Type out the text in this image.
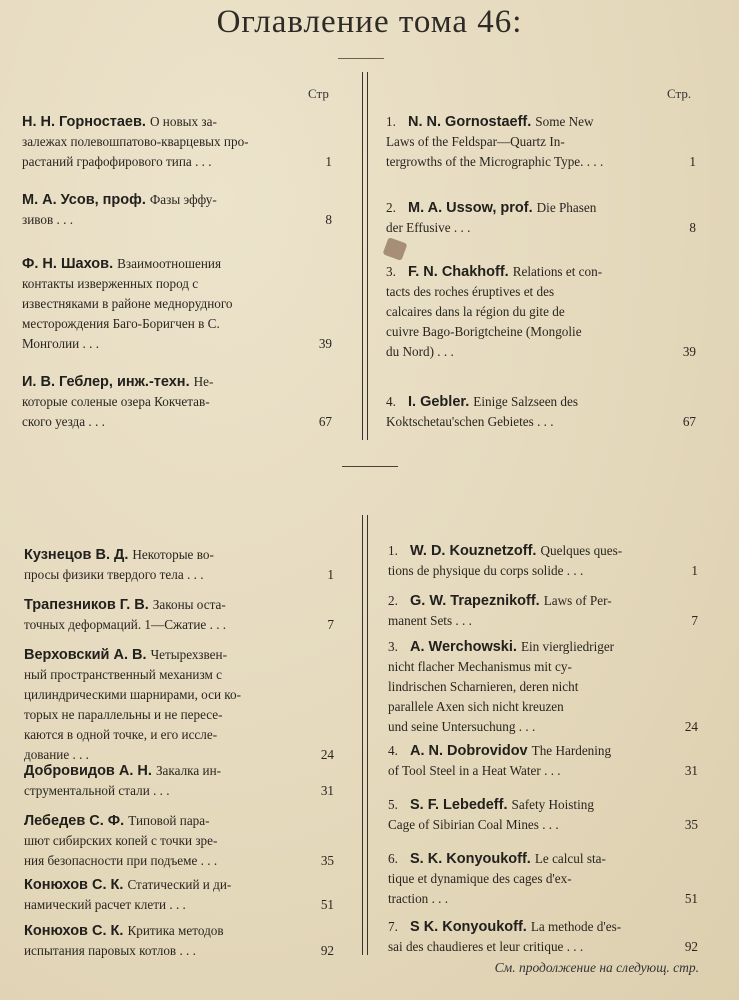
Оглавление тома 46:
Стр	Стр.
Н. Н. Горностаев. О новых за-
залежах полевошпатово-кварцевых про-
растаний графофирового типа . . .	1
М. А. Усов, проф. Фазы эффу-
зивов . . .	8
Ф. Н. Шахов. Взаимоотношения
контакты изверженных пород с
известняками в районе меднорудного
месторождения Баго-Боригчен в С.
Монголии . . .	39
И. В. Геблер, инж.-техн. Не-
которые соленые озера Кокчетав-
ского уезда . . .	67
1. N. N. Gornostaeff. Some New
Laws of the Feldspar—Quartz In-
tergrowths of the Micrographic Type. . . .	1
2. M. A. Ussow, prof. Die Phasen
der Effusive . . .	8
3. F. N. Chakhoff. Relations et con-
tacts des roches éruptives et des
calcaires dans la région du gite de
cuivre Bago-Borigtcheine (Mongolie
du Nord) . . .	39
4. I. Gebler. Einige Salzseen des
Koktschetau'schen Gebietes . . .	67
Кузнецов В. Д. Некоторые во-
просы физики твердого тела . . .	1
Трапезников Г. В. Законы оста-
точных деформаций. 1—Сжатие . . .	7
Верховский А. В. Четырехзвен-
ный пространственный механизм с
цилиндрическими шарнирами, оси ко-
торых не параллельны и не пересе-
каются в одной точке, и его иссле-
дование . . .	24
Добровидов А. Н. Закалка ин-
струментальной стали . . .	31
Лебедев С. Ф. Типовой пара-
шют сибирских копей с точки зре-
ния безопасности при подъеме . . .	35
Конюхов С. К. Статический и ди-
намический расчет клети . . .	51
Конюхов С. К. Критика методов
испытания паровых котлов . . .	92
1. W. D. Kouznetzoff. Quelques ques-
tions de physique du corps solide . . .	1
2. G. W. Trapeznikoff. Laws of Per-
manent Sets . . .	7
3. A. Werchowski. Ein viergliedriger
nicht flacher Mechanismus mit cy-
lindrischen Scharnieren, deren nicht
parallele Axen sich nicht kreuzen
und seine Untersuchung . . .	24
4. A. N. Dobrovidov The Hardening
of Tool Steel in a Heat Water . . .	31
5. S. F. Lebedeff. Safety Hoisting
Cage of Sibirian Coal Mines . . .	35
6. S. K. Konyoukoff. Le calcul sta-
tique et dynamique des cages d'ex-
traction . . .	51
7. S K. Konyoukoff. La methode d'es-
sai des chaudieres et leur critique . . .	92
См. продолжение на следующ. стр.
